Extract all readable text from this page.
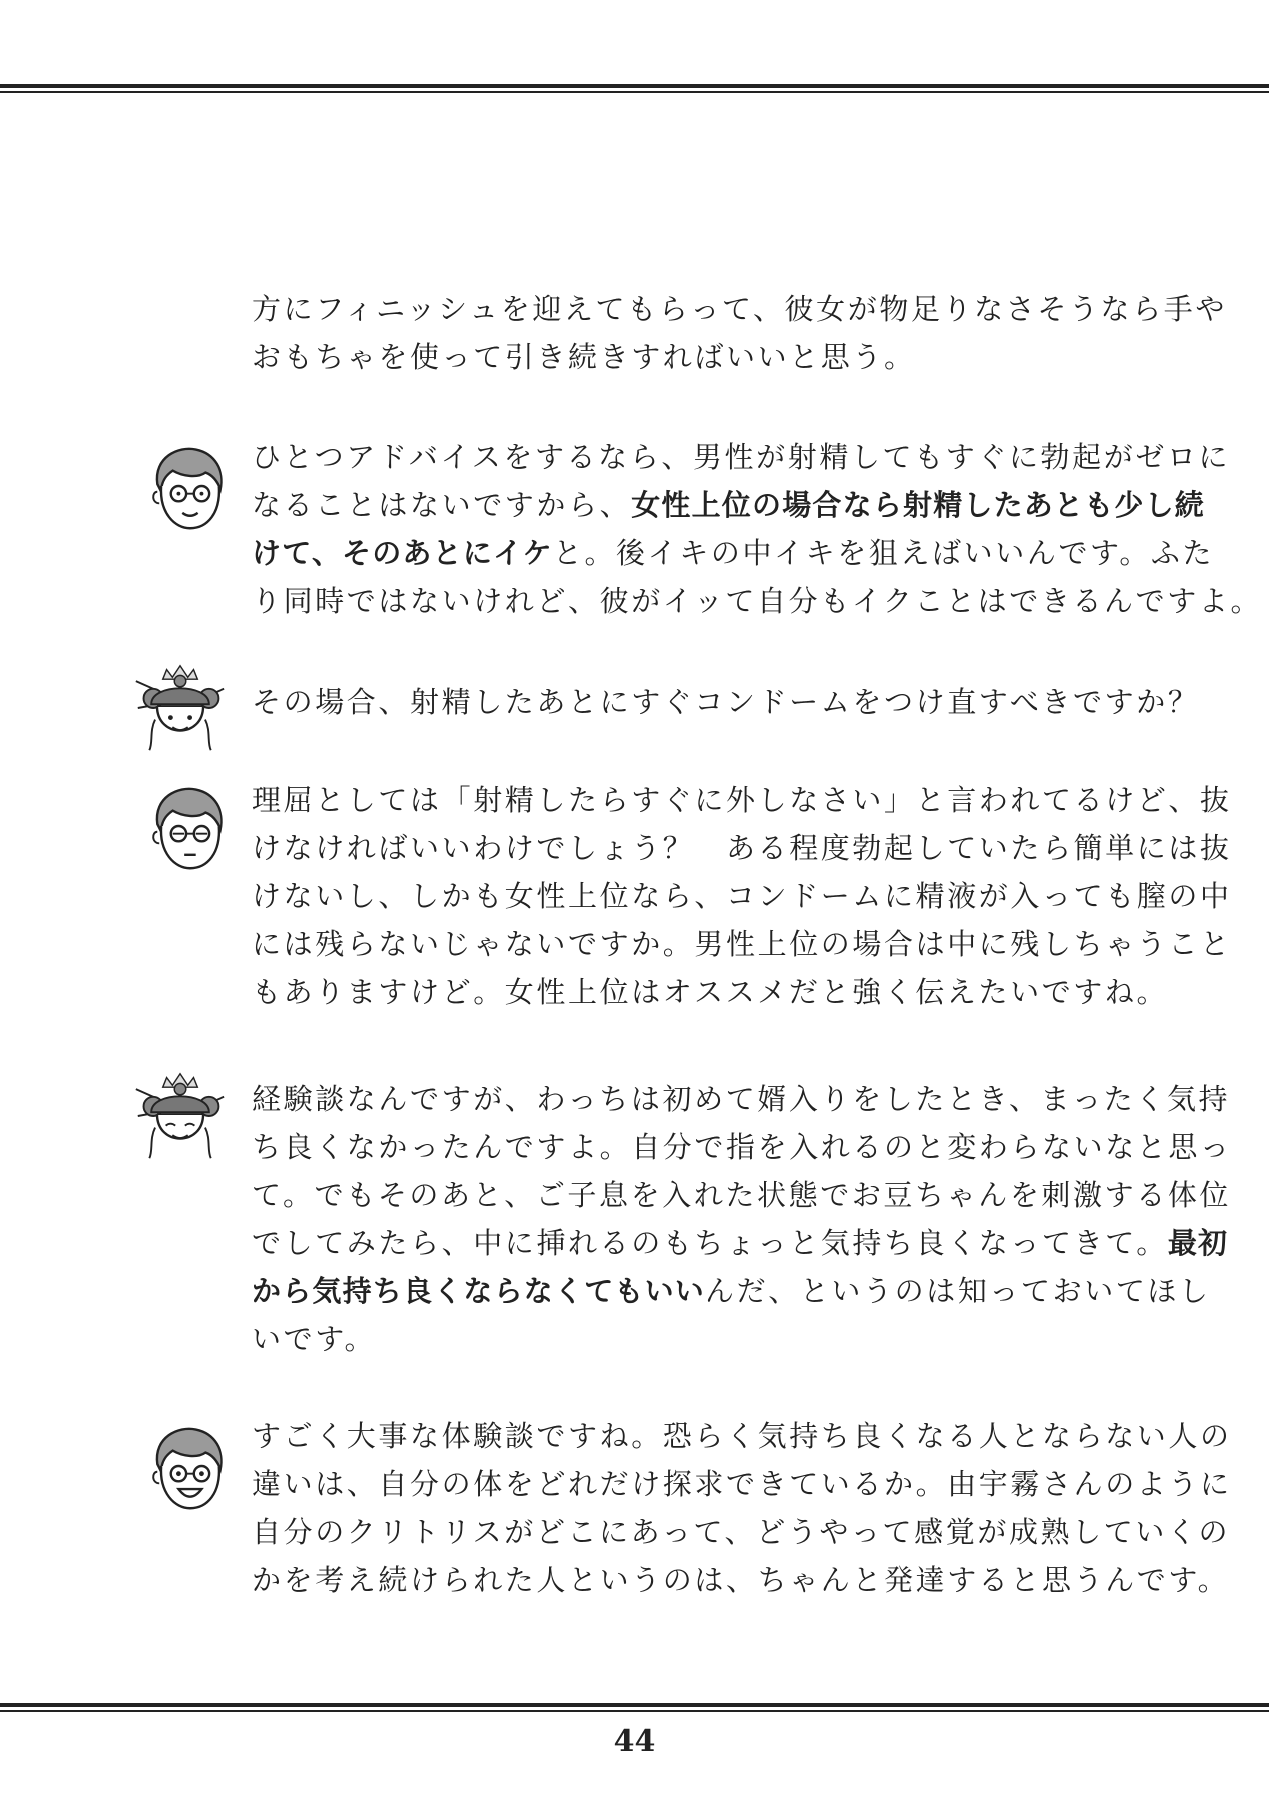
方にフィニッシュを迎えてもらって、彼女が物足りなさそうなら手や
おもちゃを使って引き続きすればいいと思う。
ひとつアドバイスをするなら、男性が射精してもすぐに勃起がゼロに
なることはないですから、女性上位の場合なら射精したあとも少し続
けて、そのあとにイケと。後イキの中イキを狙えばいいんです。ふた
り同時ではないけれど、彼がイッて自分もイクことはできるんですよ。
その場合、射精したあとにすぐコンドームをつけ直すべきですか？
理屈としては「射精したらすぐに外しなさい」と言われてるけど、抜
けなければいいわけでしょう？　ある程度勃起していたら簡単には抜
けないし、しかも女性上位なら、コンドームに精液が入っても膣の中
には残らないじゃないですか。男性上位の場合は中に残しちゃうこと
もありますけど。女性上位はオススメだと強く伝えたいですね。
経験談なんですが、わっちは初めて婿入りをしたとき、まったく気持
ち良くなかったんですよ。自分で指を入れるのと変わらないなと思っ
て。でもそのあと、ご子息を入れた状態でお豆ちゃんを刺激する体位
でしてみたら、中に挿れるのもちょっと気持ち良くなってきて。最初
から気持ち良くならなくてもいいんだ、というのは知っておいてほし
いです。
すごく大事な体験談ですね。恐らく気持ち良くなる人とならない人の
違いは、自分の体をどれだけ探求できているか。由宇霧さんのように
自分のクリトリスがどこにあって、どうやって感覚が成熟していくの
かを考え続けられた人というのは、ちゃんと発達すると思うんです。
44
